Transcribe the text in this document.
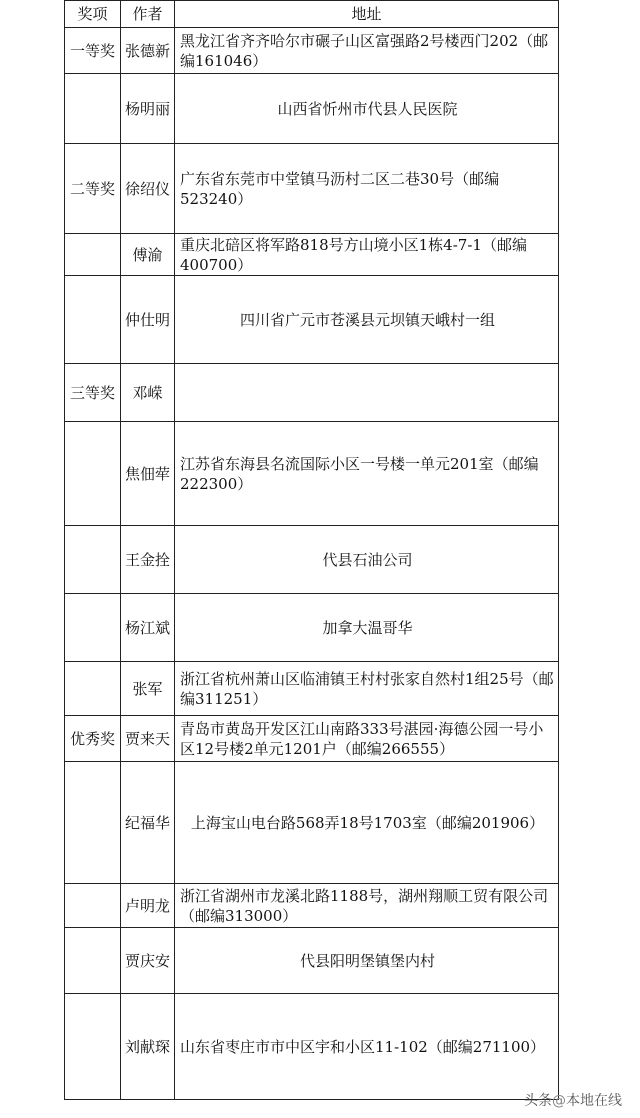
奖项	作者	地址

一等奖	张德新	黑龙江省齐齐哈尔市碾子山区富强路2号楼西门202（邮编161046）

	杨明丽	山西省忻州市代县人民医院

二等奖	徐绍仪	广东省东莞市中堂镇马沥村二区二巷30号（邮编523240）

	傅渝	重庆北碚区将军路818号方山境小区1栋4-7-1（邮编400700）

	仲仕明	四川省广元市苍溪县元坝镇天峨村一组

三等奖	邓嵘	

	焦佃荦	江苏省东海县名流国际小区一号楼一单元201室（邮编222300）

	王金拴	代县石油公司

	杨江斌	加拿大温哥华

	张军	浙江省杭州萧山区临浦镇王村村张家自然村1组25号（邮编311251）

优秀奖	贾来天	青岛市黄岛开发区江山南路333号湛园·海德公园一号小区12号楼2单元1201户（邮编266555）

	纪福华	上海宝山电台路568弄18号1703室（邮编201906）

	卢明龙	浙江省湖州市龙溪北路1188号，湖州翔顺工贸有限公司（邮编313000）

	贾庆安	代县阳明堡镇堡内村

	刘献琛	山东省枣庄市市中区宇和小区11-102（邮编271100）
头条@本地在线
